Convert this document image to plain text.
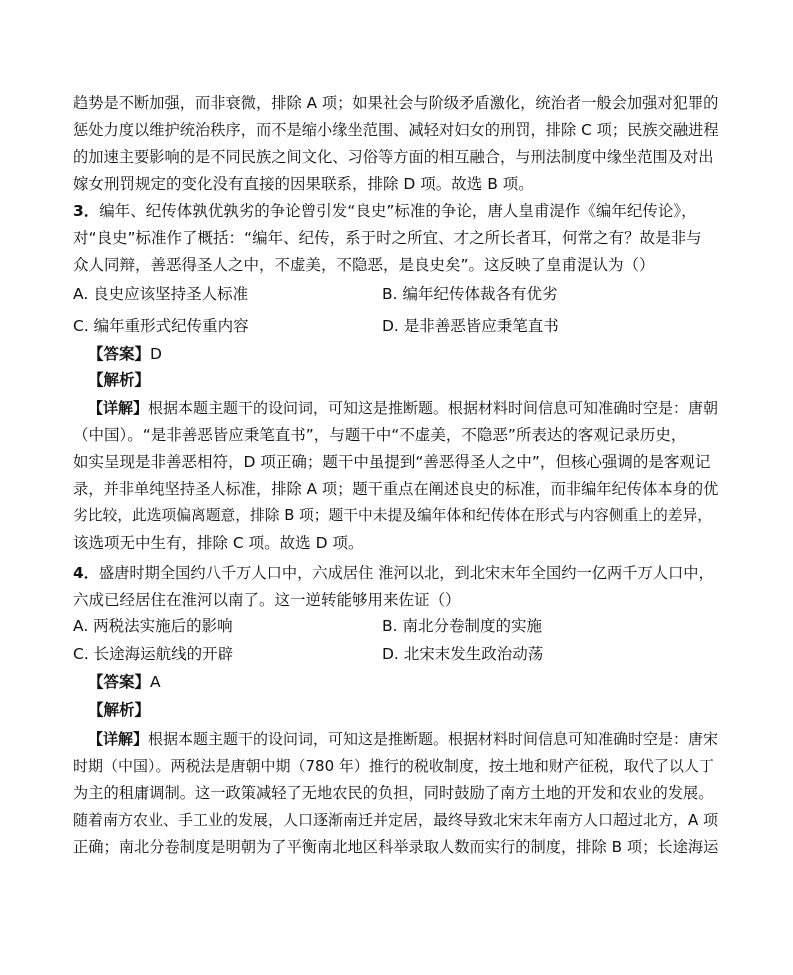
趋势是不断加强，而非衰微，排除 A 项；如果社会与阶级矛盾激化，统治者一般会加强对犯罪的
惩处力度以维护统治秩序，而不是缩小缘坐范围、减轻对妇女的刑罚，排除 C 项；民族交融进程
的加速主要影响的是不同民族之间文化、习俗等方面的相互融合，与刑法制度中缘坐范围及对出
嫁女刑罚规定的变化没有直接的因果联系，排除 D 项。故选 B 项。
3．编年、纪传体孰优孰劣的争论曾引发“良史”标准的争论，唐人皇甫湜作《编年纪传论》，
对“良史”标准作了概括：“编年、纪传，系于时之所宜、才之所长者耳，何常之有？故是非与
众人同辩，善恶得圣人之中，不虚美，不隐恶，是良史矣”。这反映了皇甫湜认为（）
A. 良史应该坚持圣人标准	B. 编年纪传体裁各有优劣
C. 编年重形式纪传重内容	D. 是非善恶皆应秉笔直书
【答案】D
【解析】
【详解】根据本题主题干的设问词，可知这是推断题。根据材料时间信息可知准确时空是：唐朝
（中国）。“是非善恶皆应秉笔直书”，与题干中“不虚美，不隐恶”所表达的客观记录历史，
如实呈现是非善恶相符，D 项正确；题干中虽提到“善恶得圣人之中”，但核心强调的是客观记
录，并非单纯坚持圣人标准，排除 A 项；题干重点在阐述良史的标准，而非编年纪传体本身的优
劣比较，此选项偏离题意，排除 B 项；题干中未提及编年体和纪传体在形式与内容侧重上的差异，
该选项无中生有，排除 C 项。故选 D 项。
4．盛唐时期全国约八千万人口中，六成居住 淮河以北，到北宋末年全国约一亿两千万人口中，
六成已经居住在淮河以南了。这一逆转能够用来佐证（）
A. 两税法实施后的影响	B. 南北分卷制度的实施
C. 长途海运航线的开辟	D. 北宋末发生政治动荡
【答案】A
【解析】
【详解】根据本题主题干的设问词，可知这是推断题。根据材料时间信息可知准确时空是：唐宋
时期（中国）。两税法是唐朝中期（780 年）推行的税收制度，按土地和财产征税，取代了以人丁
为主的租庸调制。这一政策减轻了无地农民的负担，同时鼓励了南方土地的开发和农业的发展。
随着南方农业、手工业的发展，人口逐渐南迁并定居，最终导致北宋末年南方人口超过北方，A 项
正确；南北分卷制度是明朝为了平衡南北地区科举录取人数而实行的制度，排除 B 项；长途海运
